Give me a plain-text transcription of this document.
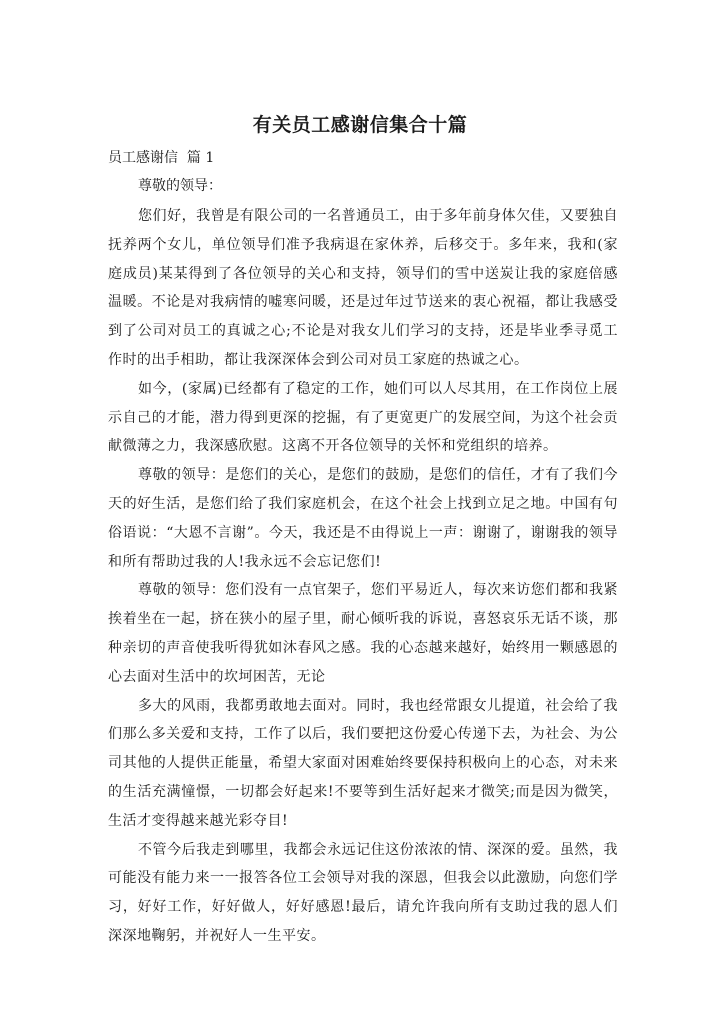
有关员工感谢信集合十篇
员工感谢信  篇 1
尊敬的领导：

您们好，我曾是有限公司的一名普通员工，由于多年前身体欠佳，又要独自抚养两个女儿，单位领导们准予我病退在家休养，后移交于。多年来，我和(家庭成员)某某得到了各位领导的关心和支持，领导们的雪中送炭让我的家庭倍感温暖。不论是对我病情的嘘寒问暖，还是过年过节送来的衷心祝福，都让我感受到了公司对员工的真诚之心;不论是对我女儿们学习的支持，还是毕业季寻觅工作时的出手相助，都让我深深体会到公司对员工家庭的热诚之心。

如今，(家属)已经都有了稳定的工作，她们可以人尽其用，在工作岗位上展示自己的才能，潜力得到更深的挖掘，有了更宽更广的发展空间，为这个社会贡献微薄之力，我深感欣慰。这离不开各位领导的关怀和党组织的培养。

尊敬的领导：是您们的关心，是您们的鼓励，是您们的信任，才有了我们今天的好生活，是您们给了我们家庭机会，在这个社会上找到立足之地。中国有句俗语说：“大恩不言谢”。今天，我还是不由得说上一声：谢谢了，谢谢我的领导和所有帮助过我的人!我永远不会忘记您们!

尊敬的领导：您们没有一点官架子，您们平易近人，每次来访您们都和我紧挨着坐在一起，挤在狭小的屋子里，耐心倾听我的诉说，喜怒哀乐无话不谈，那种亲切的声音使我听得犹如沐春风之感。我的心态越来越好，始终用一颗感恩的心去面对生活中的坎坷困苦，无论

多大的风雨，我都勇敢地去面对。同时，我也经常跟女儿提道，社会给了我们那么多关爱和支持，工作了以后，我们要把这份爱心传递下去，为社会、为公司其他的人提供正能量，希望大家面对困难始终要保持积极向上的心态，对未来的生活充满憧憬，一切都会好起来!不要等到生活好起来才微笑;而是因为微笑，生活才变得越来越光彩夺目!

不管今后我走到哪里，我都会永远记住这份浓浓的情、深深的爱。虽然，我可能没有能力来一一报答各位工会领导对我的深恩，但我会以此激励，向您们学习，好好工作，好好做人，好好感恩!最后，请允许我向所有支助过我的恩人们深深地鞠躬，并祝好人一生平安。
